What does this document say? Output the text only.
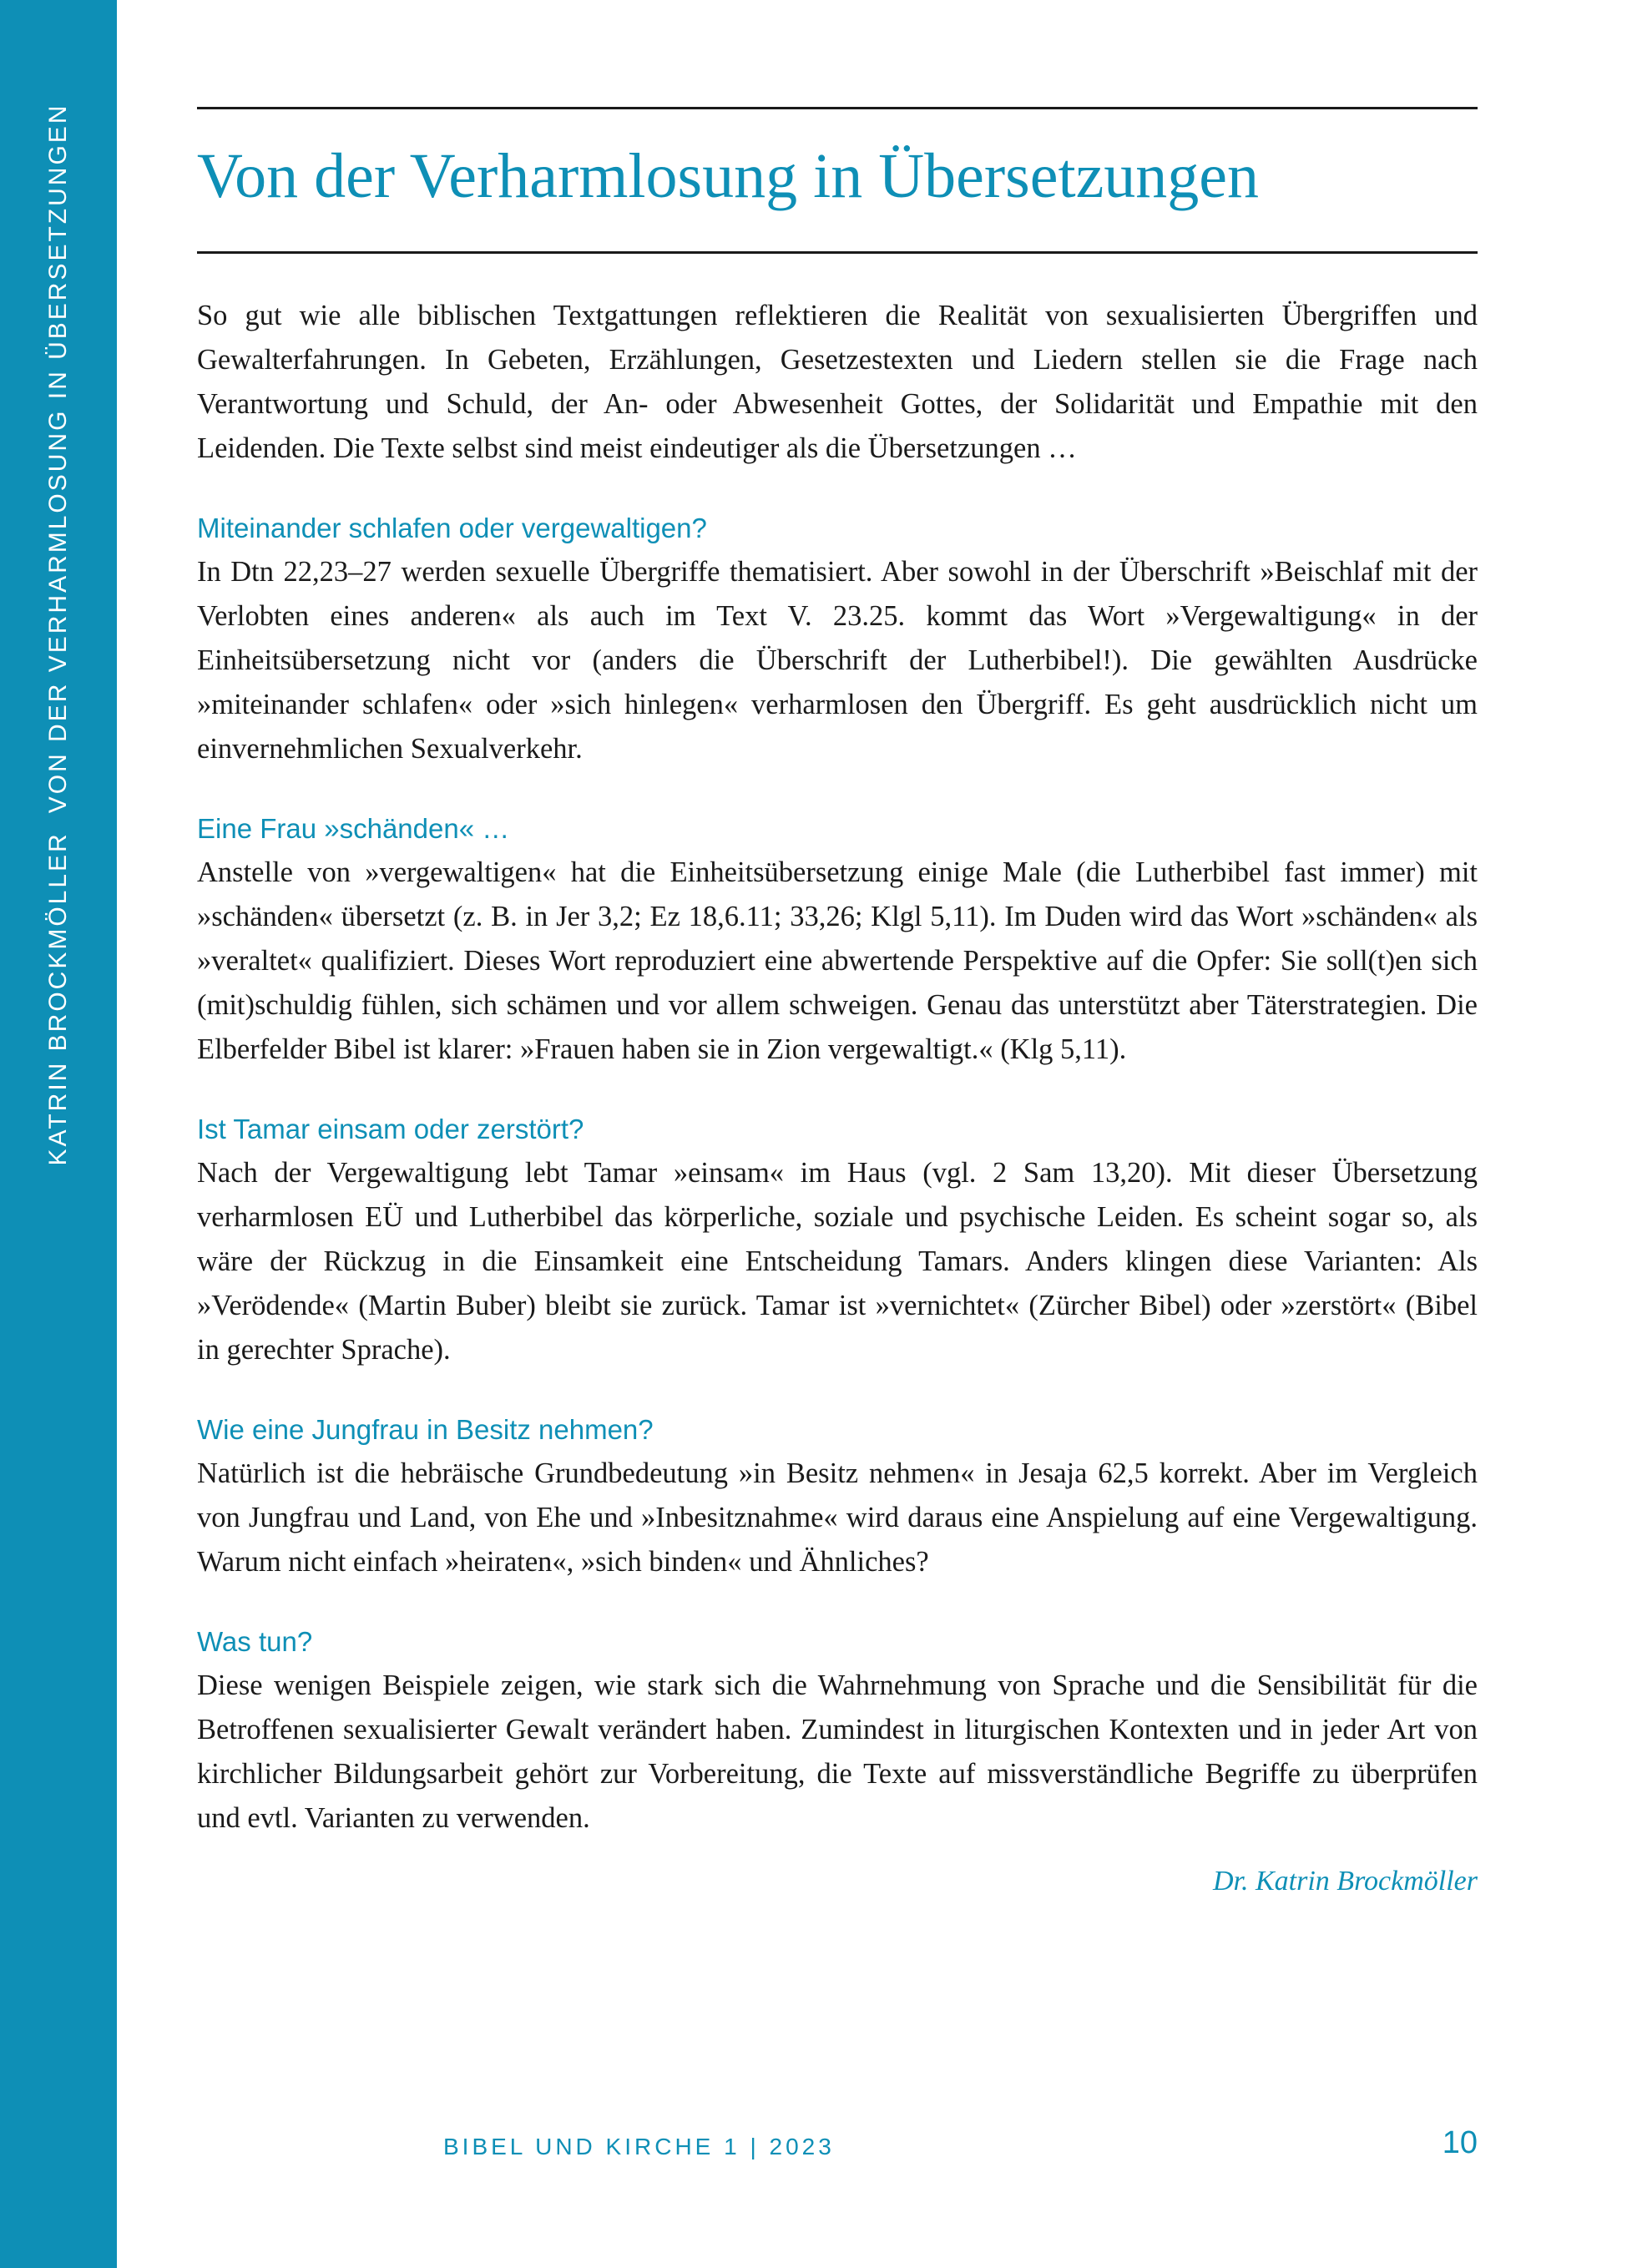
KATRIN BROCKMÖLLERVON DER VERHARMLOSUNG IN ÜBERSETZUNGEN Von der Verharmlosung in Übersetzungen

So gut wie alle biblischen Textgattungen reflektieren die Realität von sexualisierten Übergriffen und Gewalterfahrungen. In Gebeten, Erzählungen, Gesetzestexten und Liedern stellen sie die Frage nach Verantwortung und Schuld, der An- oder Abwesenheit Gottes, der Solidarität und Empathie mit den Leidenden. Die Texte selbst sind meist eindeutiger als die Übersetzungen …

Miteinander schlafen oder vergewaltigen?

In Dtn 22,23–27 werden sexuelle Übergriffe thematisiert. Aber sowohl in der Überschrift »Beischlaf mit der Verlobten eines anderen« als auch im Text V. 23.25. kommt das Wort »Vergewaltigung« in der Einheitsübersetzung nicht vor (anders die Überschrift der Lutherbibel!). Die gewählten Ausdrücke »miteinander schlafen« oder »sich hinlegen« verharmlosen den Übergriff. Es geht ausdrücklich nicht um einvernehmlichen Sexualverkehr.

Eine Frau »schänden« …

Anstelle von »vergewaltigen« hat die Einheitsübersetzung einige Male (die Lutherbibel fast immer) mit »schänden« übersetzt (z. B. in Jer 3,2; Ez 18,6.11; 33,26; Klgl 5,11). Im Duden wird das Wort »schänden« als »veraltet« qualifiziert. Dieses Wort reproduziert eine abwertende Perspektive auf die Opfer: Sie soll(t)en sich (mit)schuldig fühlen, sich schämen und vor allem schweigen. Genau das unterstützt aber Täterstrategien. Die Elberfelder Bibel ist klarer: »Frauen haben sie in Zion vergewaltigt.« (Klg 5,11).

Ist Tamar einsam oder zerstört?

Nach der Vergewaltigung lebt Tamar »einsam« im Haus (vgl. 2 Sam 13,20). Mit dieser Übersetzung verharmlosen EÜ und Lutherbibel das körperliche, soziale und psychische Leiden. Es scheint sogar so, als wäre der Rückzug in die Einsamkeit eine Entscheidung Tamars. Anders klingen diese Varianten: Als »Verödende« (Martin Buber) bleibt sie zurück. Tamar ist »vernichtet« (Zürcher Bibel) oder »zerstört« (Bibel in gerechter Sprache).

Wie eine Jungfrau in Besitz nehmen?

Natürlich ist die hebräische Grundbedeutung »in Besitz nehmen« in Jesaja 62,5 korrekt. Aber im Vergleich von Jungfrau und Land, von Ehe und »Inbesitznahme« wird daraus eine Anspielung auf eine Vergewaltigung. Warum nicht einfach »heiraten«, »sich binden« und Ähnliches?

Was tun?

Diese wenigen Beispiele zeigen, wie stark sich die Wahrnehmung von Sprache und die Sensibilität für die Betroffenen sexualisierter Gewalt verändert haben. Zumindest in liturgischen Kontexten und in jeder Art von kirchlicher Bildungsarbeit gehört zur Vorbereitung, die Texte auf missverständliche Begriffe zu überprüfen und evtl. Varianten zu verwenden.

Dr. Katrin Brockmöller

BIBEL UND KIRCHE 1 | 2023	10
